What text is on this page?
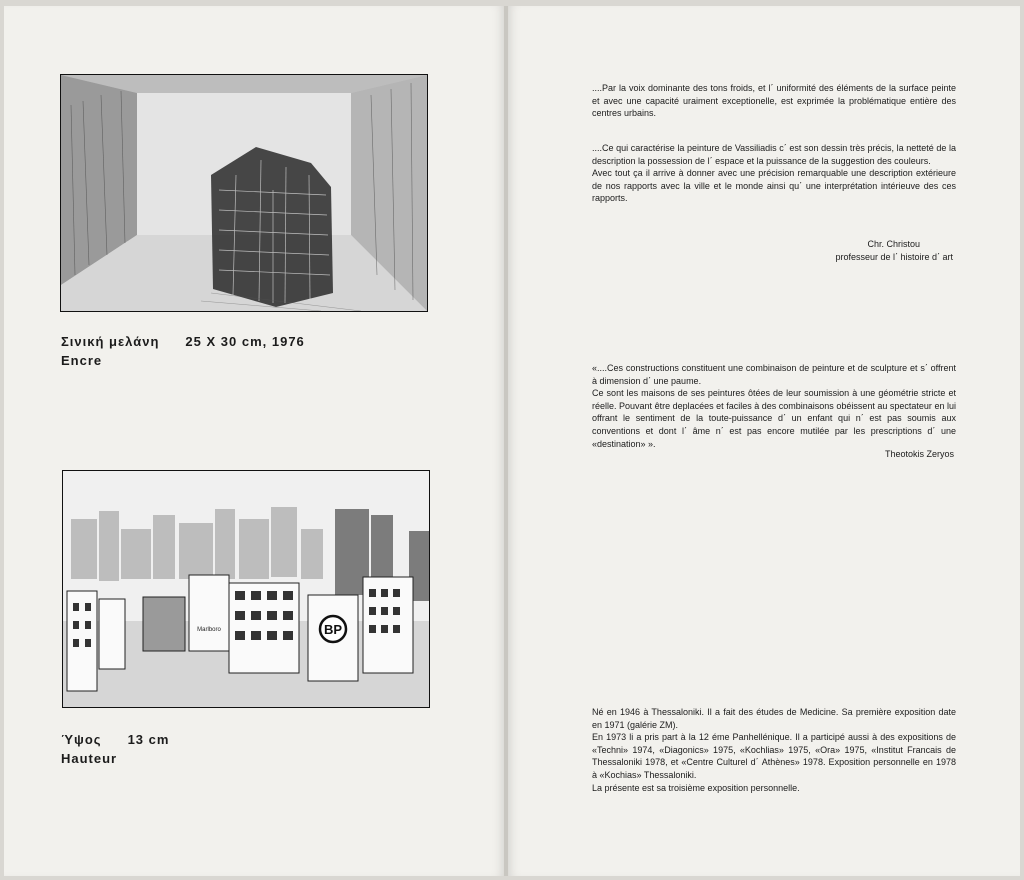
Σινική μελάνη 25 X 30 cm, 1976
Encre
Marlboro	BP
Ύψος 13 cm
Hauteur

....Par la voix dominante des tons froids, et l΄ uniformité des éléments de la surface peinte et avec une capacité uraiment exceptionelle, est exprimée la problématique entière des centres urbains.

....Ce qui caractérise la peinture de Vassiliadis c΄ est son dessin très précis, la netteté de la description la possession de l΄ espace et la puissance de la suggestion des couleurs.

Avec tout ça il arrive à donner avec une précision remarquable une description extérieure de nos rapports avec la ville et le monde ainsi qu΄ une interprétation intérieuve des ces rapports.

Chr. Christou
professeur de l΄ histoire d΄ art

«....Ces constructions constituent une combinaison de peinture et de sculpture et s΄ offrent à dimension d΄ une paume.

Ce sont les maisons de ses peintures ôtées de leur soumission à une géométrie stricte et réelle. Pouvant être deplacées et faciles à des combinaisons obéissent au spectateur en lui offrant le sentiment de la toute-puissance d΄ un enfant qui n΄ est pas soumis aux conventions et dont l΄ âme n΄ est pas encore mutilée par les prescriptions d΄ une «destination» ».

Theotokis Zeryos

Né en 1946 à Thessaloniki. Il a fait des études de Medicine. Sa première exposition date en 1971 (galérie ZM).

En 1973 li a pris part à la 12 éme Panhellénique. Il a participé aussi à des expositions de «Techni» 1974, «Diagonics» 1975, «Kochlias» 1975, «Ora» 1975, «Institut Francais de Thessaloniki 1978, et «Centre Culturel d΄ Athènes» 1978. Exposition personnelle en 1978 à «Kochias» Thessaloniki.

La présente est sa troisième exposition personnelle.
